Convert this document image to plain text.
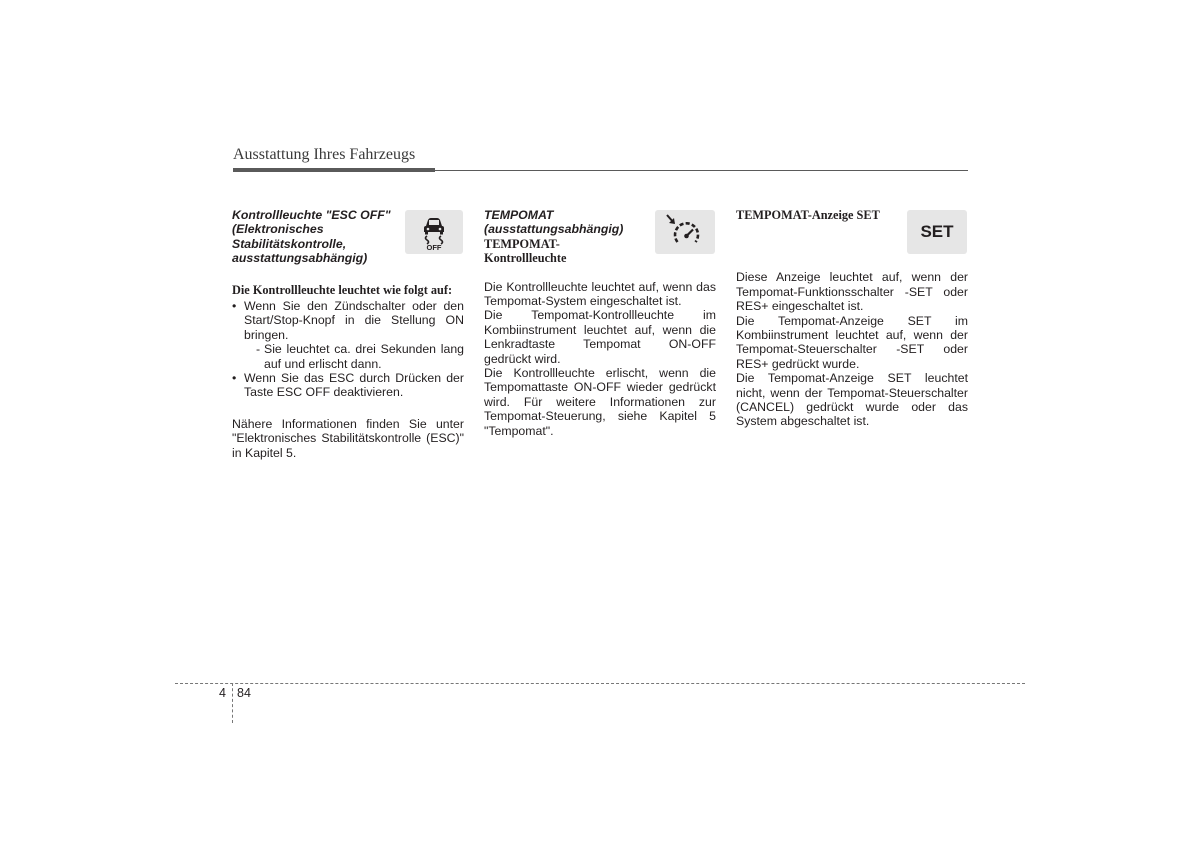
Ausstattung Ihres Fahrzeugs
OFF
SET
Kontrollleuchte "ESC OFF"
(Elektronisches
Stabilitätskontrolle,
ausstattungsabhängig)
Die Kontrollleuchte leuchtet wie folgt auf:
• Wenn Sie den Zündschalter oder den Start/Stop-Knopf in die Stellung ON bringen.
- Sie leuchtet ca. drei Sekunden lang auf und erlischt dann.
• Wenn Sie das ESC durch Drücken der Taste ESC OFF deaktivieren.

Nähere Informationen finden Sie unter "Elektronisches Stabilitätskontrolle (ESC)" in Kapitel 5.

TEMPOMAT
(ausstattungsabhängig)
TEMPOMAT-
Kontrollleuchte

Die Kontrollleuchte leuchtet auf, wenn das Tempomat-System eingeschaltet ist.

Die Tempomat-Kontrollleuchte im Kombiinstrument leuchtet auf, wenn die Lenkradtaste Tempomat ON-OFF gedrückt wird.

Die Kontrollleuchte erlischt, wenn die Tempomattaste ON-OFF wieder gedrückt wird. Für weitere Informationen zur Tempomat-Steuerung, siehe Kapitel 5 "Tempomat".

TEMPOMAT-Anzeige SET

Diese Anzeige leuchtet auf, wenn der Tempomat-Funktionsschalter -SET oder RES+ eingeschaltet ist.

Die Tempomat-Anzeige SET im Kombiinstrument leuchtet auf, wenn der Tempomat-Steuerschalter -SET oder RES+ gedrückt wurde.

Die Tempomat-Anzeige SET leuchtet nicht, wenn der Tempomat-Steuerschalter (CANCEL) gedrückt wurde oder das System abgeschaltet ist.

4 84
